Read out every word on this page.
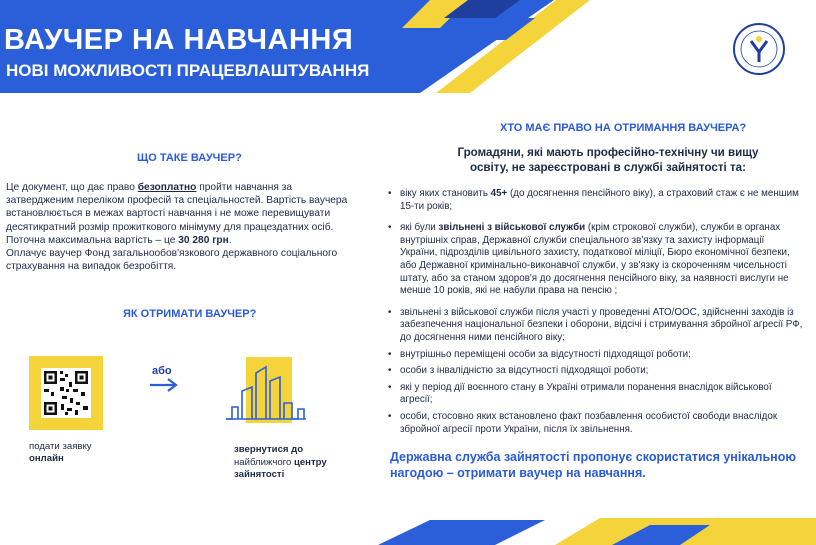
ВАУЧЕР НА НАВЧАННЯ
НОВІ МОЖЛИВОСТІ ПРАЦЕВЛАШТУВАННЯ
ЩО ТАКЕ ВАУЧЕР?
Це документ, що дає право безоплатно пройти навчання за затвердженим переліком професій та спеціальностей. Вартість ваучера встановлюється в межах вартості навчання і не може перевищувати десятикратний розмір прожиткового мінімуму для працездатних осіб. Поточна максимальна вартість – це 30 280 грн.
Оплачує ваучер Фонд загальнообов'язкового державного соціального страхування на випадок безробіття.
ЯК ОТРИМАТИ ВАУЧЕР?
подати заявку
онлайн
або
звернутися до
найближчого центру
зайнятості
ХТО МАЄ ПРАВО НА ОТРИМАННЯ ВАУЧЕРА?
Громадяни, які мають професійно-технічну чи вищу освіту, не зареєстровані в службі зайнятості та:
• віку яких становить 45+ (до досягнення пенсійного віку), а страховий стаж є не меншим 15-ти років;
• які були звільнені з військової служби (крім строкової служби), служби в органах внутрішніх справ, Державної служби спеціального зв'язку та захисту інформації України, підрозділів цивільного захисту, податкової міліції, Бюро економічної безпеки, або Державної кримінально-виконавчої служби, у зв'язку із скороченням чисельності штату, або за станом здоров'я до досягнення пенсійного віку, за наявності вислуги не менше 10 років, які не набули права на пенсію ;
• звільнені з військової служби після участі у проведенні АТО/ООС, здійсненні заходів із забезпечення національної безпеки і оборони, відсічі і стримування збройної агресії РФ, до досягнення ними пенсійного віку;
• внутрішньо переміщені особи за відсутності підходящої роботи;
• особи з інвалідністю за відсутності підходящої роботи;
• які у період дії воєнного стану в Україні отримали поранення внаслідок військової агресії;
• особи, стосовно яких встановлено факт позбавлення особистої свободи внаслідок збройної агресії проти України, після їх звільнення.
Державна служба зайнятості пропонує скористатися унікальною нагодою – отримати ваучер на навчання.
